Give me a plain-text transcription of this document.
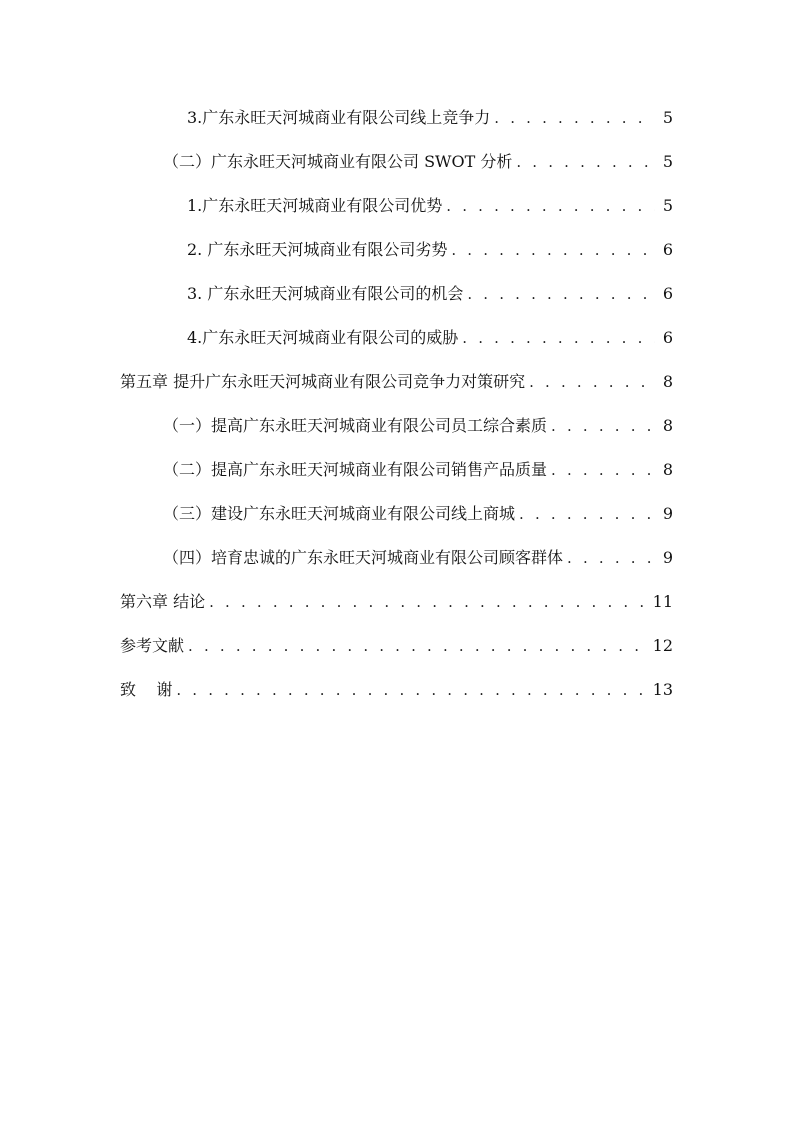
3.广东永旺天河城商业有限公司线上竞争力 . . .	5
（二）广东永旺天河城商业有限公司 SWOT 分析 . . .	5
1.广东永旺天河城商业有限公司优势 . . .	5
2. 广东永旺天河城商业有限公司劣势 . . .	6
3. 广东永旺天河城商业有限公司的机会 . . .	6
4.广东永旺天河城商业有限公司的威胁 . . .	6
第五章 提升广东永旺天河城商业有限公司竞争力对策研究 . . .	8
（一）提高广东永旺天河城商业有限公司员工综合素质 . . .	8
（二）提高广东永旺天河城商业有限公司销售产品质量 . . .	8
（三）建设广东永旺天河城商业有限公司线上商城 . . .	9
（四）培育忠诚的广东永旺天河城商业有限公司顾客群体 . . .	9
第六章 结论 . . .	11
参考文献 . . .	12
致    谢 . . .	13
